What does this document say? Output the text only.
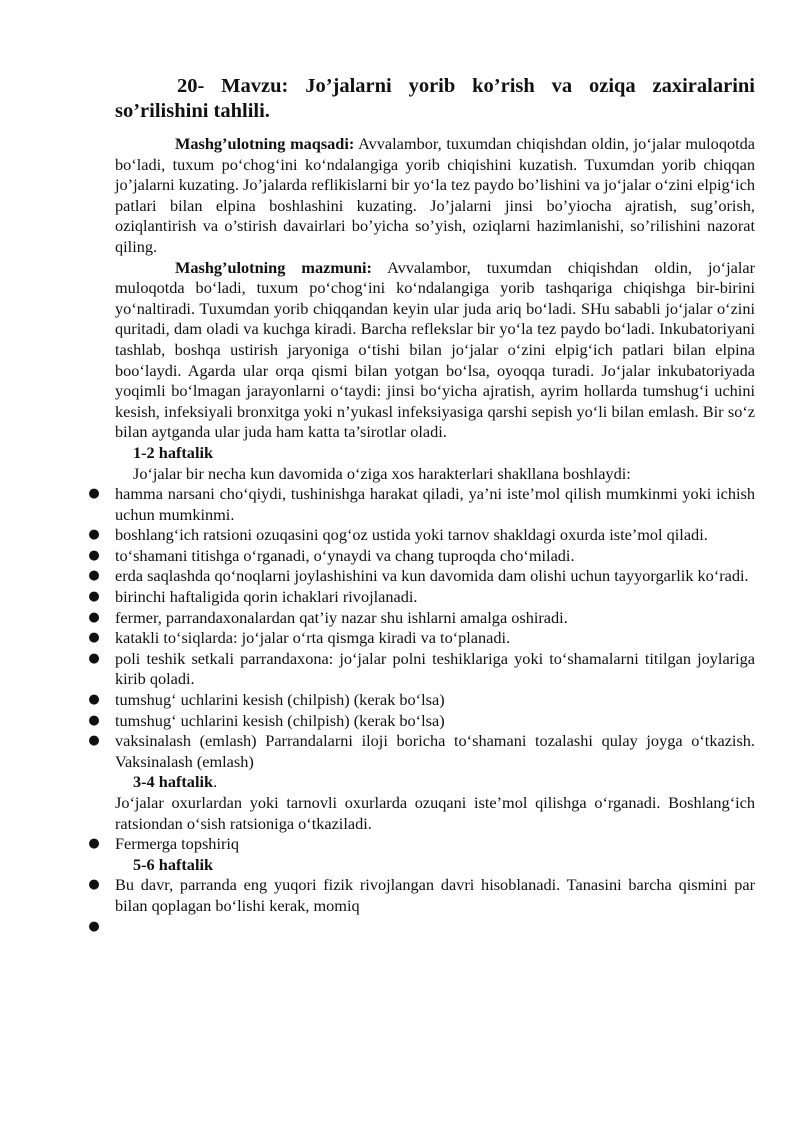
20- Mavzu: Jo’jalarni yorib ko’rish va oziqa zaxiralarini so’rilishini tahlili.

Mashg’ulotning maqsadi: Avvalambor, tuxumdan chiqishdan oldin, jo‘jalar muloqotda bo‘ladi, tuxum po‘chog‘ini ko‘ndalangiga yorib chiqishini kuzatish. Tuxumdan yorib chiqqan jo’jalarni kuzating. Jo’jalarda reflikislarni bir yo‘la tez paydo bo’lishini va jo‘jalar o‘zini elpig‘ich patlari bilan elpina boshlashini kuzating. Jo’jalarni jinsi bo’yiocha ajratish, sug’orish, oziqlantirish va o’stirish davairlari bo’yicha so’yish, oziqlarni hazimlanishi, so’rilishini nazorat qiling.

Mashg’ulotning mazmuni: Avvalambor, tuxumdan chiqishdan oldin, jo‘jalar muloqotda bo‘ladi, tuxum po‘chog‘ini ko‘ndalangiga yorib tashqariga chiqishga bir-birini yo‘naltiradi. Tuxumdan yorib chiqqandan keyin ular juda ariq bo‘ladi. SHu sababli jo‘jalar o‘zini quritadi, dam oladi va kuchga kiradi. Barcha reflekslar bir yo‘la tez paydo bo‘ladi. Inkubatoriyani tashlab, boshqa ustirish jaryoniga o‘tishi bilan jo‘jalar o‘zini elpig‘ich patlari bilan elpina boo‘laydi. Agarda ular orqa qismi bilan yotgan bo‘lsa, oyoqqa turadi. Jo‘jalar inkubatoriyada yoqimli bo‘lmagan jarayonlarni o‘taydi: jinsi bo‘yicha ajratish, ayrim hollarda tumshug‘i uchini kesish, infeksiyali bronxitga yoki n’yukasl infeksiyasiga qarshi sepish yo‘li bilan emlash. Bir so‘z bilan aytganda ular juda ham katta ta’sirotlar oladi.

1-2 haftalik

Jo‘jalar bir necha kun davomida o‘ziga xos harakterlari shakllana boshlaydi:

● hamma narsani cho‘qiydi, tushinishga harakat qiladi, ya’ni iste’mol qilish mumkinmi yoki ichish uchun mumkinmi.
● boshlang‘ich ratsioni ozuqasini qog‘oz ustida yoki tarnov shakldagi oxurda iste’mol qiladi.
● to‘shamani titishga o‘rganadi, o‘ynaydi va chang tuproqda cho‘miladi.
● erda saqlashda qo‘noqlarni joylashishini va kun davomida dam olishi uchun tayyorgarlik ko‘radi.
● birinchi haftaligida qorin ichaklari rivojlanadi.
● fermer, parrandaxonalardan qat’iy nazar shu ishlarni amalga oshiradi.
● katakli to‘siqlarda: jo‘jalar o‘rta qismga kiradi va to‘planadi.
● poli teshik setkali parrandaxona: jo‘jalar polni teshiklariga yoki to‘shamalarni titilgan joylariga kirib qoladi.
● tumshug‘ uchlarini kesish (chilpish) (kerak bo‘lsa)
● tumshug‘ uchlarini kesish (chilpish) (kerak bo‘lsa)
● vaksinalash (emlash) Parrandalarni iloji boricha to‘shamani tozalashi qulay joyga o‘tkazish. Vaksinalash (emlash)

3-4 haftalik.

Jo‘jalar oxurlardan yoki tarnovli oxurlarda ozuqani iste’mol qilishga o‘rganadi. Boshlang‘ich ratsiondan o‘sish ratsioniga o‘tkaziladi.

● Fermerga topshiriq

5-6 haftalik

● Bu davr, parranda eng yuqori fizik rivojlangan davri hisoblanadi. Tanasini barcha qismini par bilan qoplagan bo‘lishi kerak, momiq
●
